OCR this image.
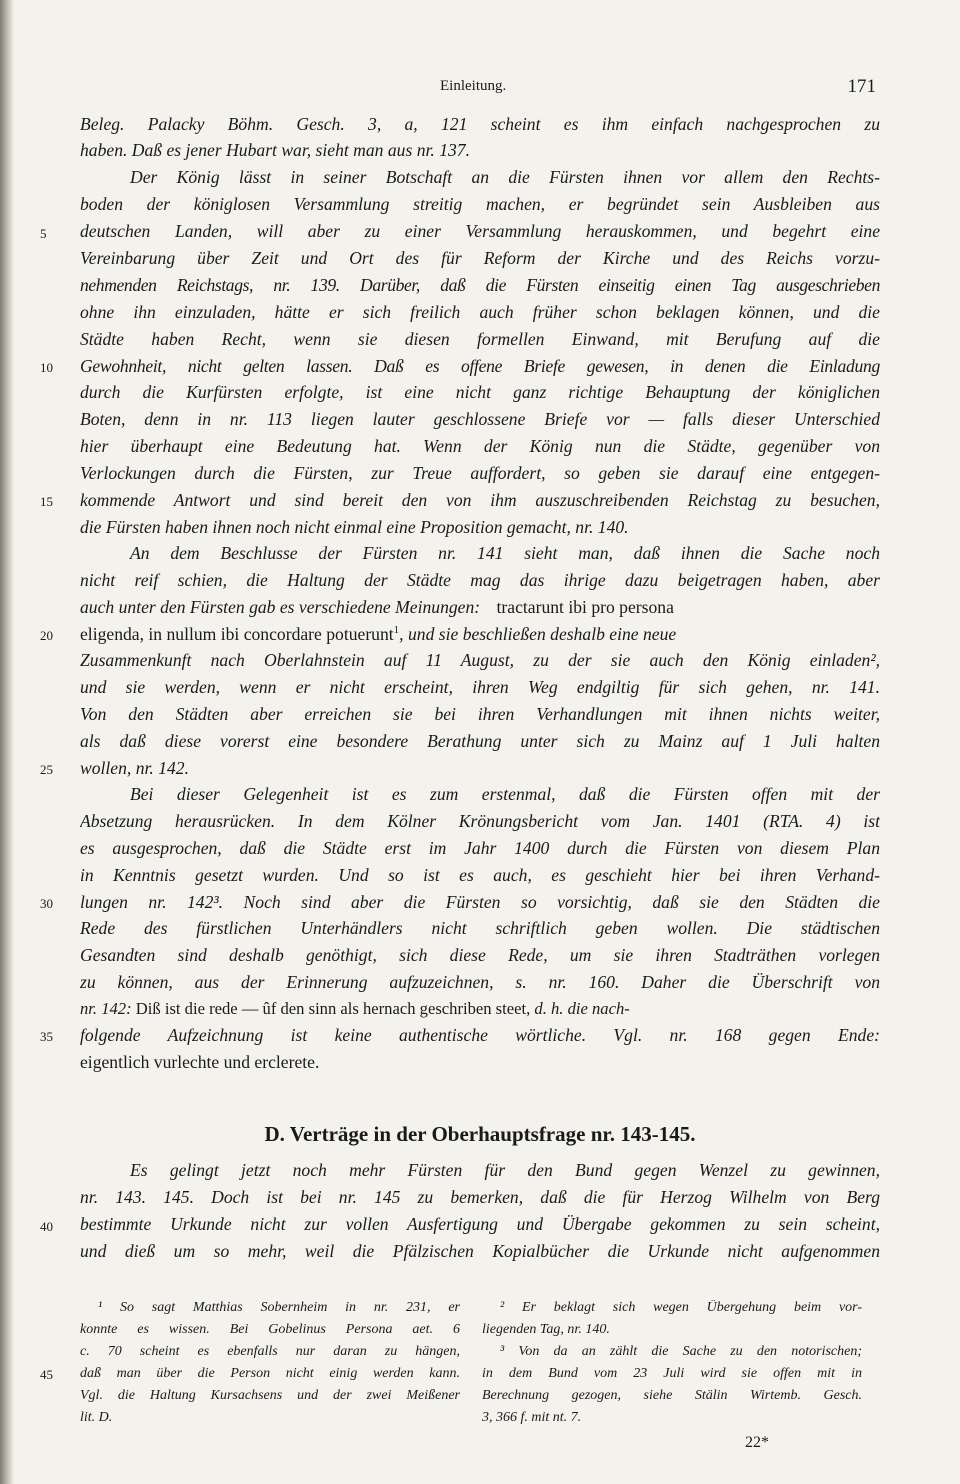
Einleitung.	171
Beleg. Palacky Böhm. Gesch. 3, a, 121 scheint es ihm einfach nachgesprochen zu
haben. Daß es jener Hubart war, sieht man aus nr. 137.
Der König lässt in seiner Botschaft an die Fürsten ihnen vor allem den Rechts-
boden der königlosen Versammlung streitig machen, er begründet sein Ausbleiben aus
deutschen Landen, will aber zu einer Versammlung herauskommen, und begehrt eine
Vereinbarung über Zeit und Ort des für Reform der Kirche und des Reichs vorzu-
nehmenden Reichstags, nr. 139. Darüber, daß die Fürsten einseitig einen Tag ausgeschrieben
ohne ihn einzuladen, hätte er sich freilich auch früher schon beklagen können, und die
Städte haben Recht, wenn sie diesen formellen Einwand, mit Berufung auf die
Gewohnheit, nicht gelten lassen. Daß es offene Briefe gewesen, in denen die Einladung
durch die Kurfürsten erfolgte, ist eine nicht ganz richtige Behauptung der königlichen
Boten, denn in nr. 113 liegen lauter geschlossene Briefe vor — falls dieser Unterschied
hier überhaupt eine Bedeutung hat. Wenn der König nun die Städte, gegenüber von
Verlockungen durch die Fürsten, zur Treue auffordert, so geben sie darauf eine entgegen-
kommende Antwort und sind bereit den von ihm auszuschreibenden Reichstag zu besuchen,
die Fürsten haben ihnen noch nicht einmal eine Proposition gemacht, nr. 140.
An dem Beschlusse der Fürsten nr. 141 sieht man, daß ihnen die Sache noch
nicht reif schien, die Haltung der Städte mag das ihrige dazu beigetragen haben, aber
auch unter den Fürsten gab es verschiedene Meinungen: tractarunt ibi pro persona
eligenda, in nullum ibi concordare potuerunt$^1$, und sie beschließen deshalb eine neue
Zusammenkunft nach Oberlahnstein auf 11 August, zu der sie auch den König einladen²,
und sie werden, wenn er nicht erscheint, ihren Weg endgiltig für sich gehen, nr. 141.
Von den Städten aber erreichen sie bei ihren Verhandlungen mit ihnen nichts weiter,
als daß diese vorerst eine besondere Berathung unter sich zu Mainz auf 1 Juli halten
wollen, nr. 142.
Bei dieser Gelegenheit ist es zum erstenmal, daß die Fürsten offen mit der
Absetzung herausrücken. In dem Kölner Krönungsbericht vom Jan. 1401 (RTA. 4) ist
es ausgesprochen, daß die Städte erst im Jahr 1400 durch die Fürsten von diesem Plan
in Kenntnis gesetzt wurden. Und so ist es auch, es geschieht hier bei ihren Verhand-
lungen nr. 142³. Noch sind aber die Fürsten so vorsichtig, daß sie den Städten die
Rede des fürstlichen Unterhändlers nicht schriftlich geben wollen. Die städtischen
Gesandten sind deshalb genöthigt, sich diese Rede, um sie ihren Stadträthen vorlegen
zu können, aus der Erinnerung aufzuzeichnen, s. nr. 160. Daher die Überschrift von
nr. 142: Diß ist die rede — ûf den sinn als hernach geschriben steet, d. h. die nach-
folgende Aufzeichnung ist keine authentische wörtliche. Vgl. nr. 168 gegen Ende:
eigentlich vurlechte und erclerete.
5
10
15
20
25
30
35
40
45
D. Verträge in der Oberhauptsfrage nr. 143-145.
Es gelingt jetzt noch mehr Fürsten für den Bund gegen Wenzel zu gewinnen,
nr. 143. 145. Doch ist bei nr. 145 zu bemerken, daß die für Herzog Wilhelm von Berg
bestimmte Urkunde nicht zur vollen Ausfertigung und Übergabe gekommen zu sein scheint,
und dieß um so mehr, weil die Pfälzischen Kopialbücher die Urkunde nicht aufgenommen
¹ So sagt Matthias Sobernheim in nr. 231, er
konnte es wissen. Bei Gobelinus Persona aet. 6
c. 70 scheint es ebenfalls nur daran zu hängen,
daß man über die Person nicht einig werden kann.
Vgl. die Haltung Kursachsens und der zwei Meißener
lit. D.
² Er beklagt sich wegen Übergehung beim vor-
liegenden Tag, nr. 140.
³ Von da an zählt die Sache zu den notorischen;
in dem Bund vom 23 Juli wird sie offen mit in
Berechnung gezogen, siehe Stälin Wirtemb. Gesch.
3, 366 f. mit nt. 7.
22*
